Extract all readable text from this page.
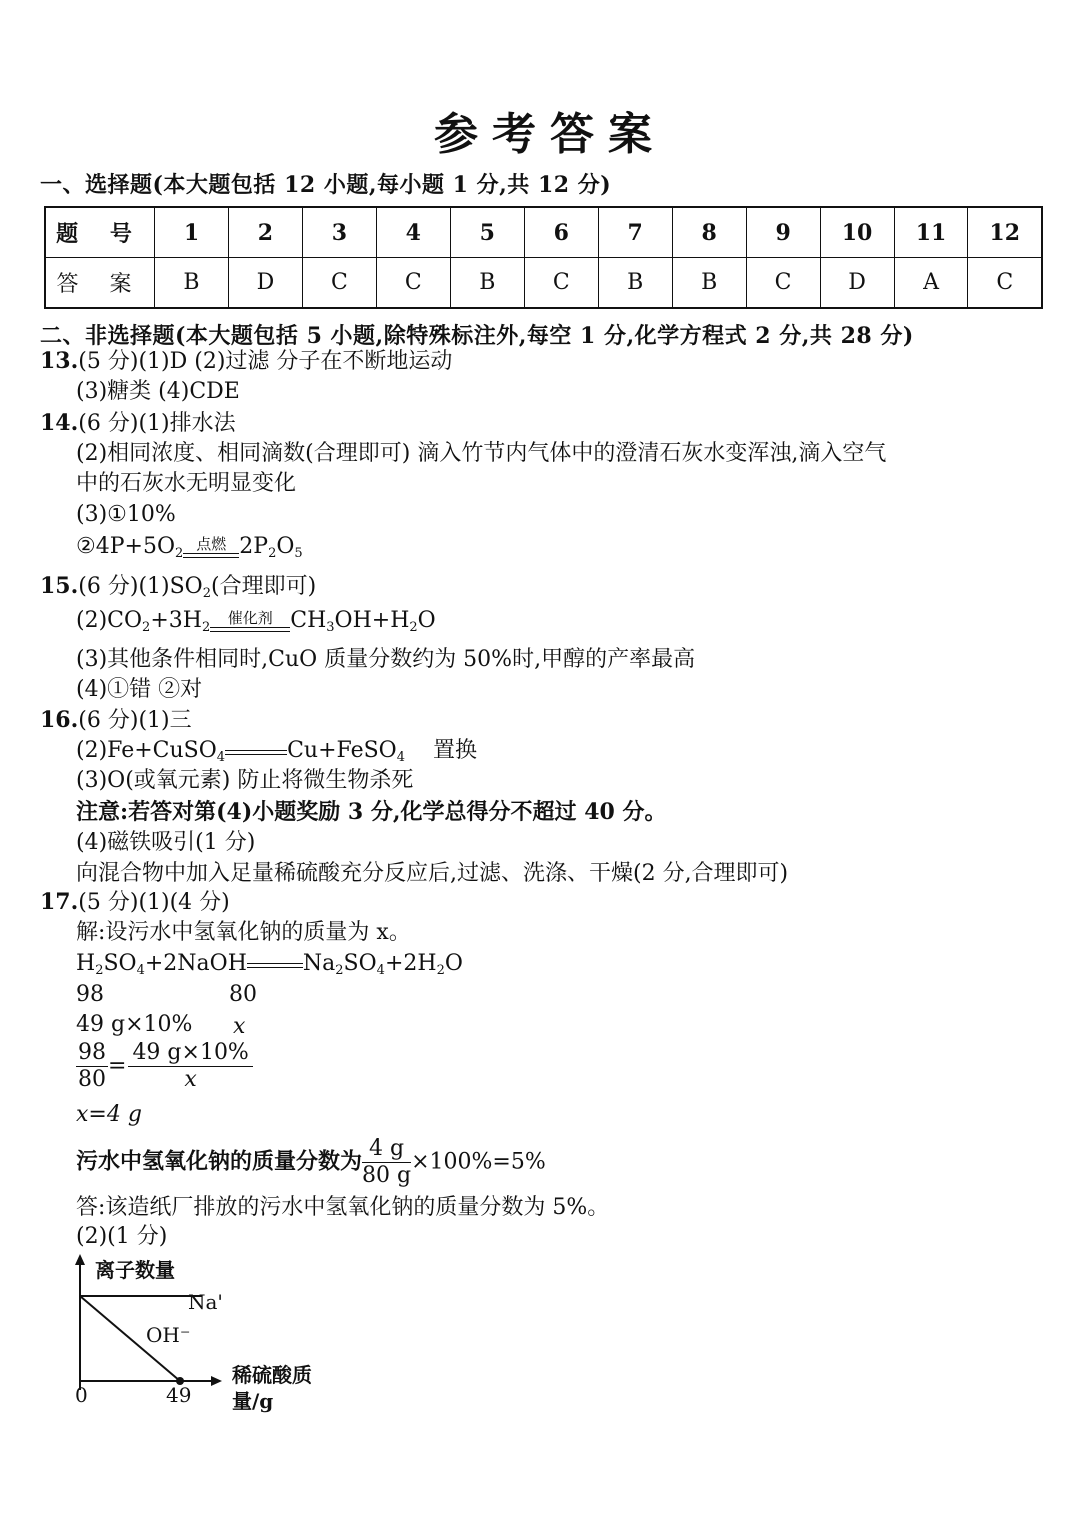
参考答案
一、选择题(本大题包括 12 小题,每小题 1 分,共 12 分)
题 号	1	2	3	4	5	6	7	8	9	10	11	12
答 案	B	D	C	C	B	C	B	B	C	D	A	C
二、非选择题(本大题包括 5 小题,除特殊标注外,每空 1 分,化学方程式 2 分,共 28 分)
13.(5 分)(1)D (2)过滤 分子在不断地运动
(3)糖类 (4)CDE
14.(6 分)(1)排水法
(2)相同浓度、相同滴数(合理即可) 滴入竹节内气体中的澄清石灰水变浑浊,滴入空气
中的石灰水无明显变化
(3)①10%
$②4P+5O_2$
点燃 $2P_2O_5$
15.(6 分)$(1)SO_2$(合理即可)
$(2)CO_2+3H_2$
催化剂 $CH_3OH+H_2O$
(3)其他条件相同时,CuO 质量分数约为 50%时,甲醇的产率最高
(4)①错 ②对
16.(6 分)(1)三
(2)Fe+CuSO$_4$	Cu+FeSO$_4$ 置换
(3)O(或氧元素) 防止将微生物杀死
注意:若答对第(4)小题奖励 3 分,化学总得分不超过 40 分。
(4)磁铁吸引(1 分)
向混合物中加入足量稀硫酸充分反应后,过滤、洗涤、干燥(2 分,合理即可)
17.(5 分)(1)(4 分)
解:设污水中氢氧化钠的质量为 x。
$H_2SO_4+2NaOH$	$Na_2SO_4+2H_2O$
98	80
49 g×10% x
$\frac{98}{80} = \frac{49 g\times 10\%}{x}$
x=4 g
污水中氢氧化钠的质量分数为 $\frac{4 g}{80 g} \times 100\%=5\%$
答:该造纸厂排放的污水中氢氧化钠的质量分数为 5%。
(2)(1 分)
离子数量
稀硫酸质量/g
0	49
Na'
OH⁻
